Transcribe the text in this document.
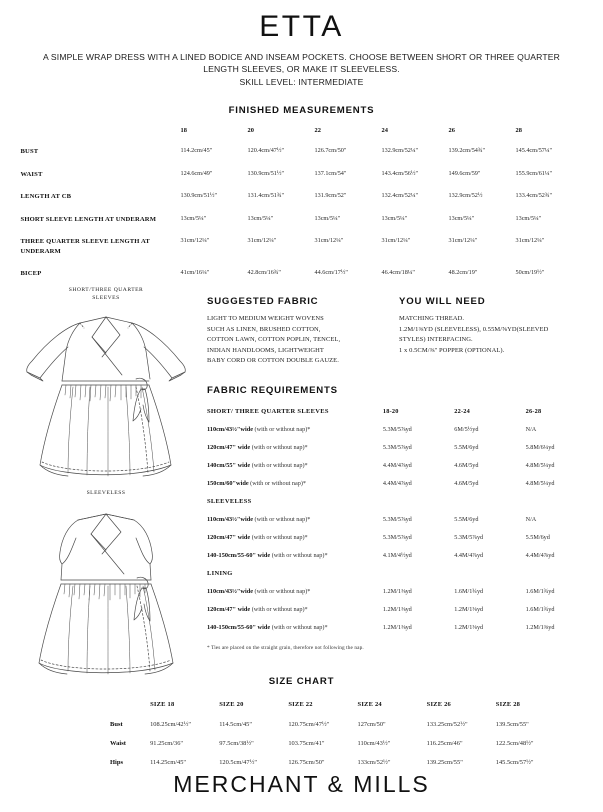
ETTA
A SIMPLE WRAP DRESS WITH A LINED BODICE AND INSEAM POCKETS. CHOOSE BETWEEN SHORT OR THREE QUARTER
LENGTH SLEEVES, OR MAKE IT SLEEVELESS.
SKILL LEVEL: INTERMEDIATE
FINISHED MEASUREMENTS
	18	20	22	24	26	28
BUST	114.2cm/45"	120.4cm/47½"	126.7cm/50"	132.9cm/52¼"	139.2cm/54¾"	145.4cm/57¼"
WAIST	124.6cm/49"	130.9cm/51½"	137.1cm/54"	143.4cm/56½"	149.6cm/59"	155.9cm/61¼"
LENGTH AT CB	130.9cm/51½"	131.4cm/51¾"	131.9cm/52"	132.4cm/52¼"	132.9cm/52½	133.4cm/52¾"
SHORT SLEEVE LENGTH AT UNDERARM	13cm/5¼"	13cm/5¼"	13cm/5¼"	13cm/5¼"	13cm/5¼"	13cm/5¼"
THREE QUARTER SLEEVE LENGTH AT UNDERARM	31cm/12¼"	31cm/12¼"	31cm/12¼"	31cm/12¼"	31cm/12¼"	31cm/12¼"
BICEP	41cm/16¼"	42.8cm/16¾"	44.6cm/17½"	46.4cm/18¼"	48.2cm/19"	50cm/19½"
SHORT/THREE QUARTER
SLEEVES
SLEEVELESS
SUGGESTED FABRIC
LIGHT TO MEDIUM WEIGHT WOVENS
SUCH AS LINEN, BRUSHED COTTON,
COTTON LAWN, COTTON POPLIN, TENCEL,
INDIAN HANDLOOMS, LIGHTWEIGHT
BABY CORD OR COTTON DOUBLE GAUZE.
YOU WILL NEED
MATCHING THREAD.
1.2M/1⅜YD (SLEEVELESS), 0.55M/⅝YD(SLEEVED
STYLES) INTERFACING.
1 x 0.5CM/⅜" POPPER (OPTIONAL).
FABRIC REQUIREMENTS
SHORT/ THREE QUARTER SLEEVES	18-20	22-24	26-28
110cm/43½"wide (with or without nap)*	5.3M/5⅞yd	6M/5½yd	N/A
120cm/47" wide (with or without nap)*	5.3M/5⅞yd	5.5M/6yd	5.8M/6¼yd
140cm/55" wide (with or without nap)*	4.4M/4⅞yd	4.6M/5yd	4.8M/5¼yd
150cm/60"wide (with or without nap)*	4.4M/4⅞yd	4.6M/5yd	4.8M/5¼yd
SLEEVELESS			
110cm/43½"wide (with or without nap)*	5.3M/5⅞yd	5.5M/6yd	N/A
120cm/47" wide (with or without nap)*	5.3M/5⅞yd	5.3M/5⅞yd	5.5M/6yd
140-150cm/55-60" wide (with or without nap)*	4.1M/4½yd	4.4M/4⅞yd	4.4M/4⅞yd
LINING			
110cm/43½"wide (with or without nap)*	1.2M/1⅜yd	1.6M/1¾yd	1.6M/1¾yd
120cm/47" wide (with or without nap)*	1.2M/1⅜yd	1.2M/1⅜yd	1.6M/1¾yd
140-150cm/55-60" wide (with or without nap)*	1.2M/1⅜yd	1.2M/1⅜yd	1.2M/1⅜yd
* Ties are placed on the straight grain, therefore not following the nap.
SIZE CHART
	SIZE 18	SIZE 20	SIZE 22	SIZE 24	SIZE 26	SIZE 28
Bust	108.25cm/42½"	114.5cm/45"	120.75cm/47½"	127cm/50"	133.25cm/52½"	139.5cm/55"
Waist	91.25cm/36"	97.5cm/38½"	103.75cm/41"	110cm/43½"	116.25cm/46"	122.5cm/48½"
Hips	114.25cm/45"	120.5cm/47½"	126.75cm/50"	133cm/52½"	139.25cm/55"	145.5cm/57½"
MERCHANT & MILLS
